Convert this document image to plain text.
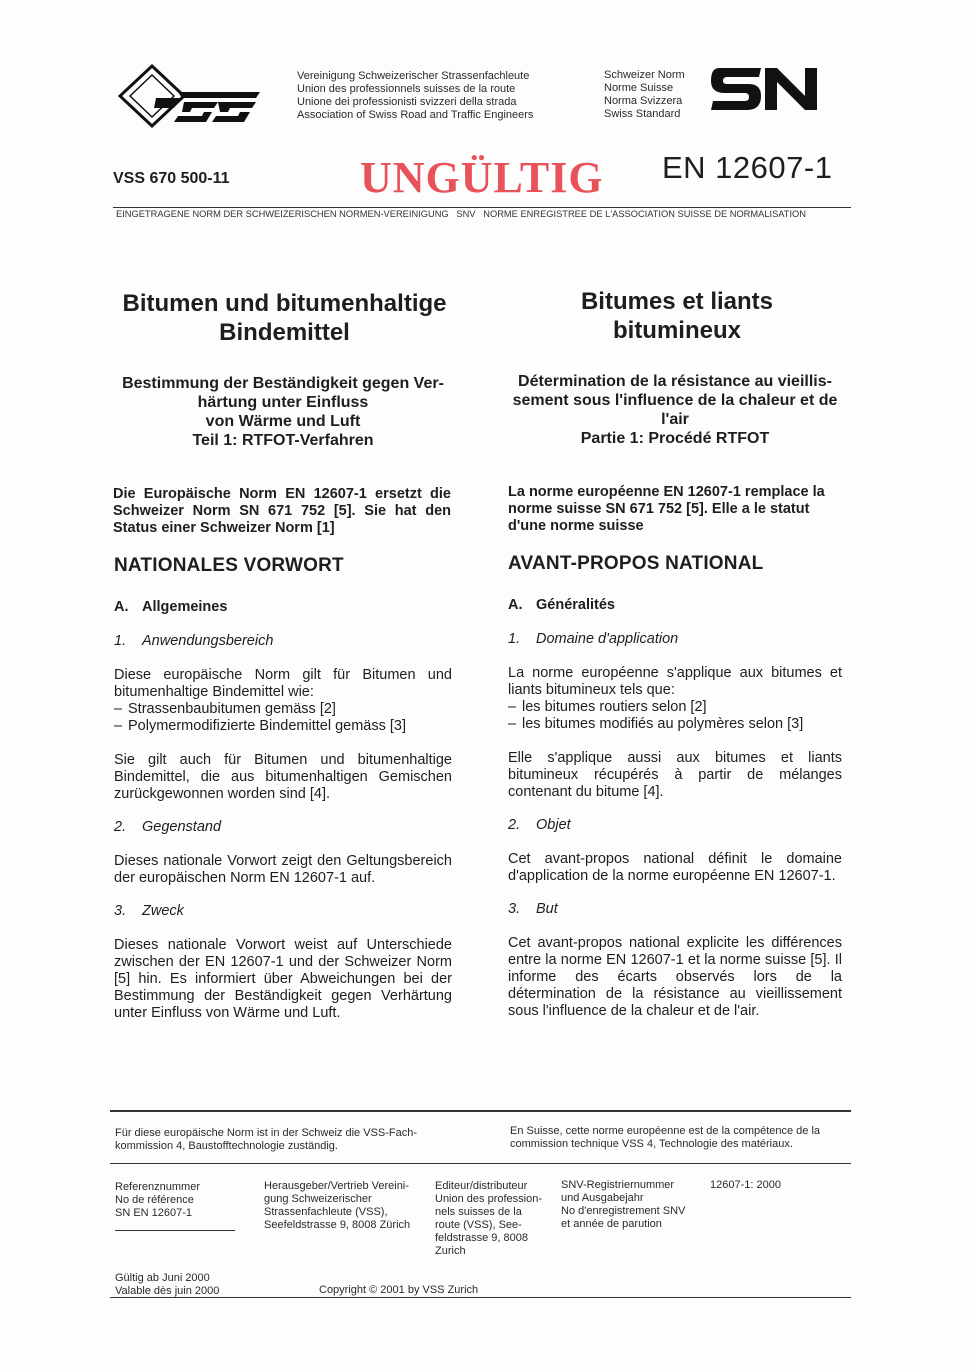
Vereinigung Schweizerischer Strassenfachleute
Union des professionnels suisses de la route
Unione dei professionisti svizzeri della strada
Association of Swiss Road and Traffic Engineers
Schweizer Norm
Norme Suisse
Norma Svizzera
Swiss Standard
VSS 670 500-11	UNGÜLTIG EN 12607-1
EINGETRAGENE NORM DER SCHWEIZERISCHEN NORMEN-VEREINIGUNG   SNV   NORME ENREGISTREE DE L'ASSOCIATION SUISSE DE NORMALISATION
Bitumen und bitumenhaltige
Bindemittel
Bestimmung der Beständigkeit gegen Ver-
härtung unter Einfluss
von Wärme und Luft
Teil 1: RTFOT-Verfahren
Die Europäische Norm EN 12607-1 ersetzt die Schweizer Norm SN 671 752 [5]. Sie hat den Status einer Schweizer Norm [1]
NATIONALES VORWORT
A. Allgemeines
1. Anwendungsbereich
Diese europäische Norm gilt für Bitumen und bitumenhaltige Bindemittel wie:
– Strassenbaubitumen gemäss [2]
– Polymermodifizierte Bindemittel gemäss [3]
Sie gilt auch für Bitumen und bitumenhaltige Bindemittel, die aus bitumenhaltigen Gemischen zurückgewonnen worden sind [4].
2. Gegenstand
Dieses nationale Vorwort zeigt den Geltungsbereich der europäischen Norm EN 12607-1 auf.
3. Zweck
Dieses nationale Vorwort weist auf Unterschiede zwischen der EN 12607-1 und der Schweizer Norm [5] hin. Es informiert über Abweichungen bei der Bestimmung der Beständigkeit gegen Verhärtung unter Einfluss von Wärme und Luft.
Bitumes et liants
bitumineux
Détermination de la résistance au vieillis-
sement sous l'influence de la chaleur et de
l'air
Partie 1: Procédé RTFOT
La norme européenne EN 12607-1 remplace la norme suisse SN 671 752 [5]. Elle a le statut d'une norme suisse
AVANT-PROPOS NATIONAL
A. Généralités
1. Domaine d'application
La norme européenne s'applique aux bitumes et liants bitumineux tels que:
– les bitumes routiers selon [2]
– les bitumes modifiés au polymères selon [3]
Elle s'applique aussi aux bitumes et liants bitumineux récupérés à partir de mélanges contenant du bitume [4].
2. Objet
Cet avant-propos national définit le domaine d'application de la norme européenne EN 12607-1.
3. But
Cet avant-propos national explicite les différences entre la norme EN 12607-1 et la norme suisse [5]. Il informe des écarts observés lors de la détermination de la résistance au vieillissement sous l'influence de la chaleur et de l'air.
Für diese europäische Norm ist in der Schweiz die VSS-Fach-
kommission 4, Baustofftechnologie zuständig.
En Suisse, cette norme européenne est de la compétence de la
commission technique VSS 4, Technologie des matériaux.
Referenznummer
No de référence
SN EN 12607-1
Herausgeber/Vertrieb Vereini-
gung Schweizerischer
Strassenfachleute (VSS),
Seefeldstrasse 9, 8008 Zürich
Editeur/distributeur
Union des profession-
nels suisses de la
route (VSS), See-
feldstrasse 9, 8008
Zurich
SNV-Registriernummer
und Ausgabejahr
No d'enregistrement SNV
et année de parution
12607-1: 2000
Gültig ab Juni 2000
Valable dès juin 2000	Copyright © 2001 by VSS Zurich
